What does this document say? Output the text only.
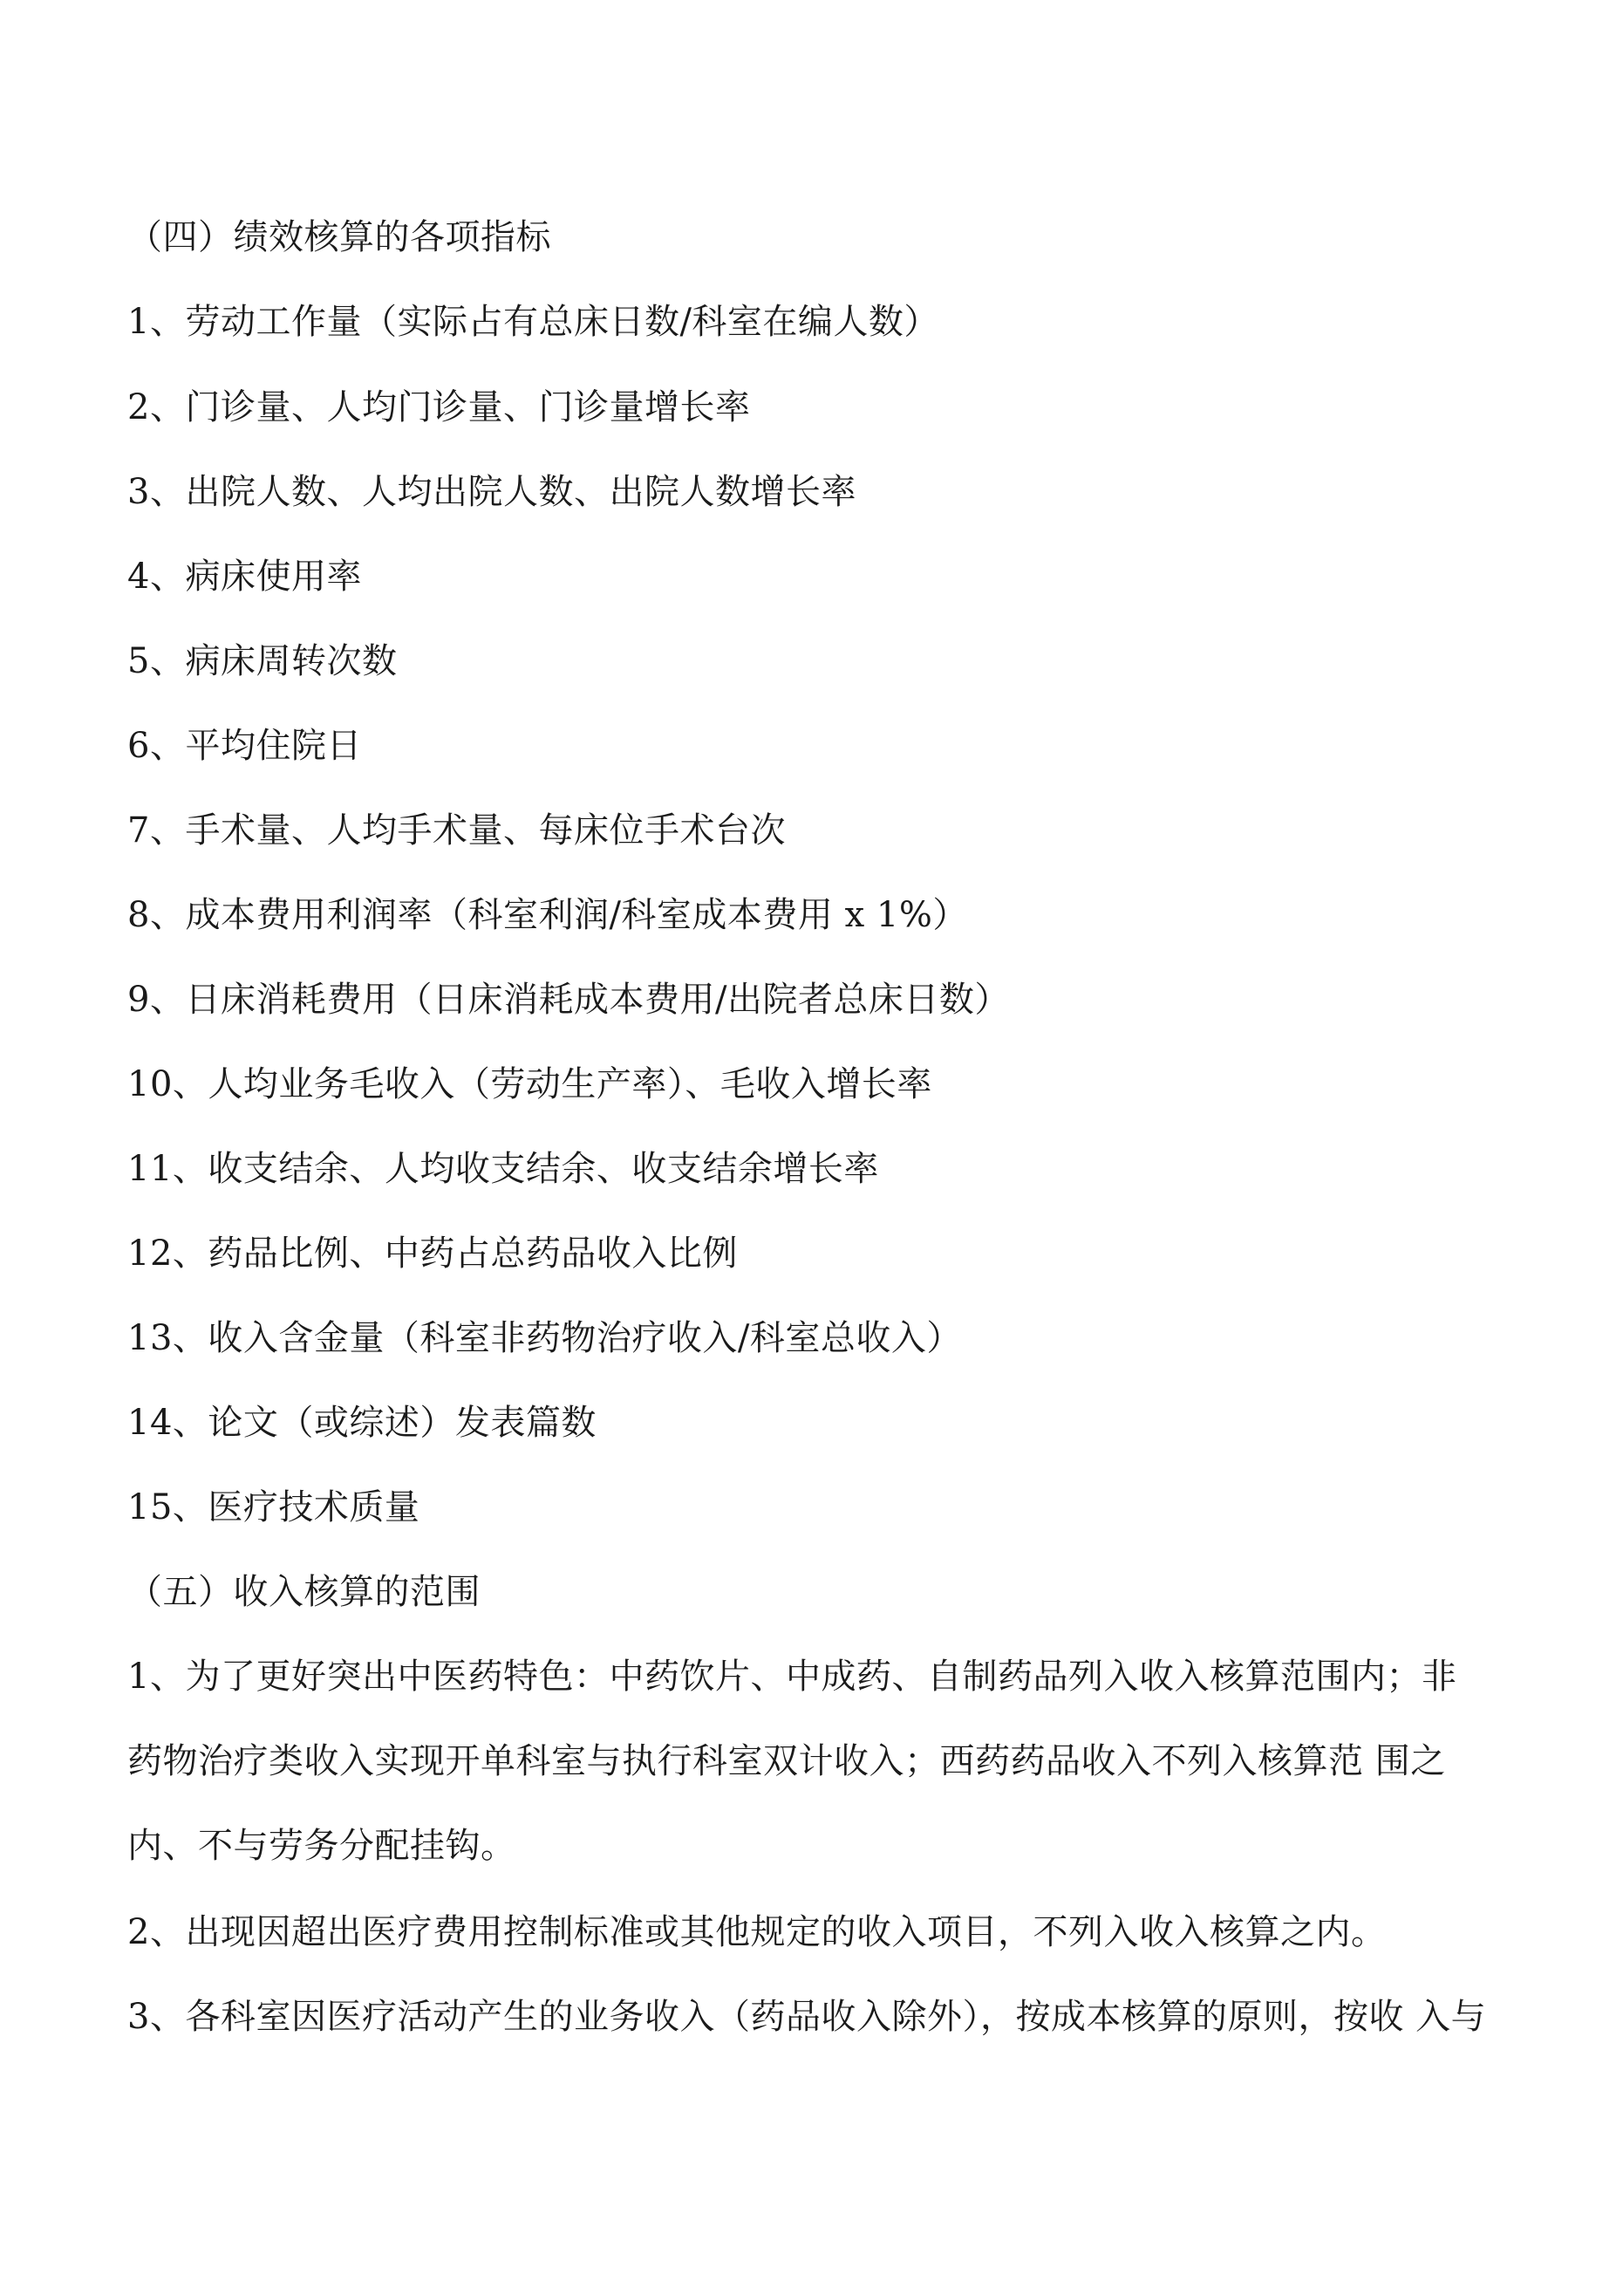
（四）绩效核算的各项指标
1、劳动工作量（实际占有总床日数/科室在编人数）
2、门诊量、人均门诊量、门诊量增长率
3、出院人数、人均出院人数、出院人数增长率
4、病床使用率
5、病床周转次数
6、平均住院日
7、手术量、人均手术量、每床位手术台次
8、成本费用利润率（科室利润/科室成本费用 x 1%）
9、日床消耗费用（日床消耗成本费用/出院者总床日数）
10、人均业务毛收入（劳动生产率）、毛收入增长率
11、收支结余、人均收支结余、收支结余增长率
12、药品比例、中药占总药品收入比例
13、收入含金量（科室非药物治疗收入/科室总收入）
14、论文（或综述）发表篇数
15、医疗技术质量
（五）收入核算的范围
1、为了更好突出中医药特色：中药饮片、中成药、自制药品列入收入核算范围内；非
药物治疗类收入实现开单科室与执行科室双计收入；西药药品收入不列入核算范 围之
内、不与劳务分配挂钩。
2、出现因超出医疗费用控制标准或其他规定的收入项目，不列入收入核算之内。
3、各科室因医疗活动产生的业务收入（药品收入除外），按成本核算的原则，按收 入与
